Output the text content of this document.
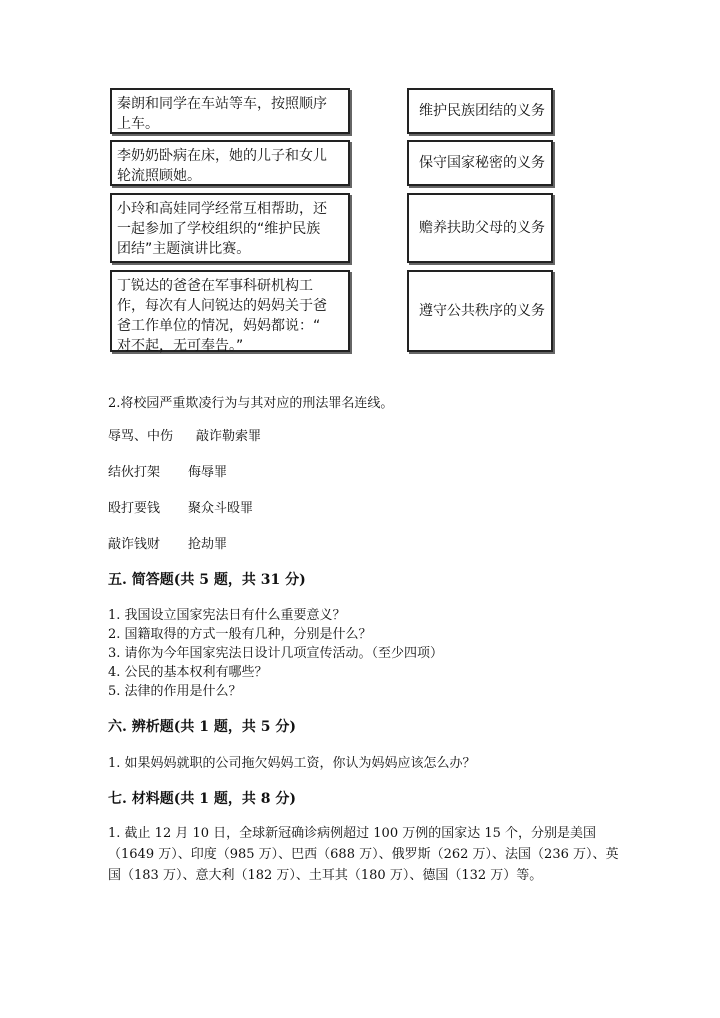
秦朗和同学在车站等车，按照顺序
上车。
李奶奶卧病在床，她的儿子和女儿
轮流照顾她。
小玲和高娃同学经常互相帮助，还
一起参加了学校组织的“维护民族
团结”主题演讲比赛。
丁锐达的爸爸在军事科研机构工
作，每次有人问锐达的妈妈关于爸
爸工作单位的情况，妈妈都说：“
对不起，无可奉告。”
维护民族团结的义务
保守国家秘密的义务
赡养扶助父母的义务
遵守公共秩序的义务
2.将校园严重欺凌行为与其对应的刑法罪名连线。
辱骂、中伤 敲诈勒索罪
结伙打架 侮辱罪
殴打要钱 聚众斗殴罪
敲诈钱财 抢劫罪
五. 简答题(共 5 题，共 31 分)
1. 我国设立国家宪法日有什么重要意义？
2. 国籍取得的方式一般有几种，分别是什么？
3. 请你为今年国家宪法日设计几项宣传活动。（至少四项）
4. 公民的基本权利有哪些？
5. 法律的作用是什么？
六. 辨析题(共 1 题，共 5 分)
1. 如果妈妈就职的公司拖欠妈妈工资，你认为妈妈应该怎么办？
七. 材料题(共 1 题，共 8 分)
1. 截止 12 月 10 日，全球新冠确诊病例超过 100 万例的国家达 15 个，分别是美国（1649 万）、印度（985 万）、巴西（688 万）、俄罗斯（262 万）、法国（236 万）、英国（183 万）、意大利（182 万）、土耳其（180 万）、德国（132 万）等。
